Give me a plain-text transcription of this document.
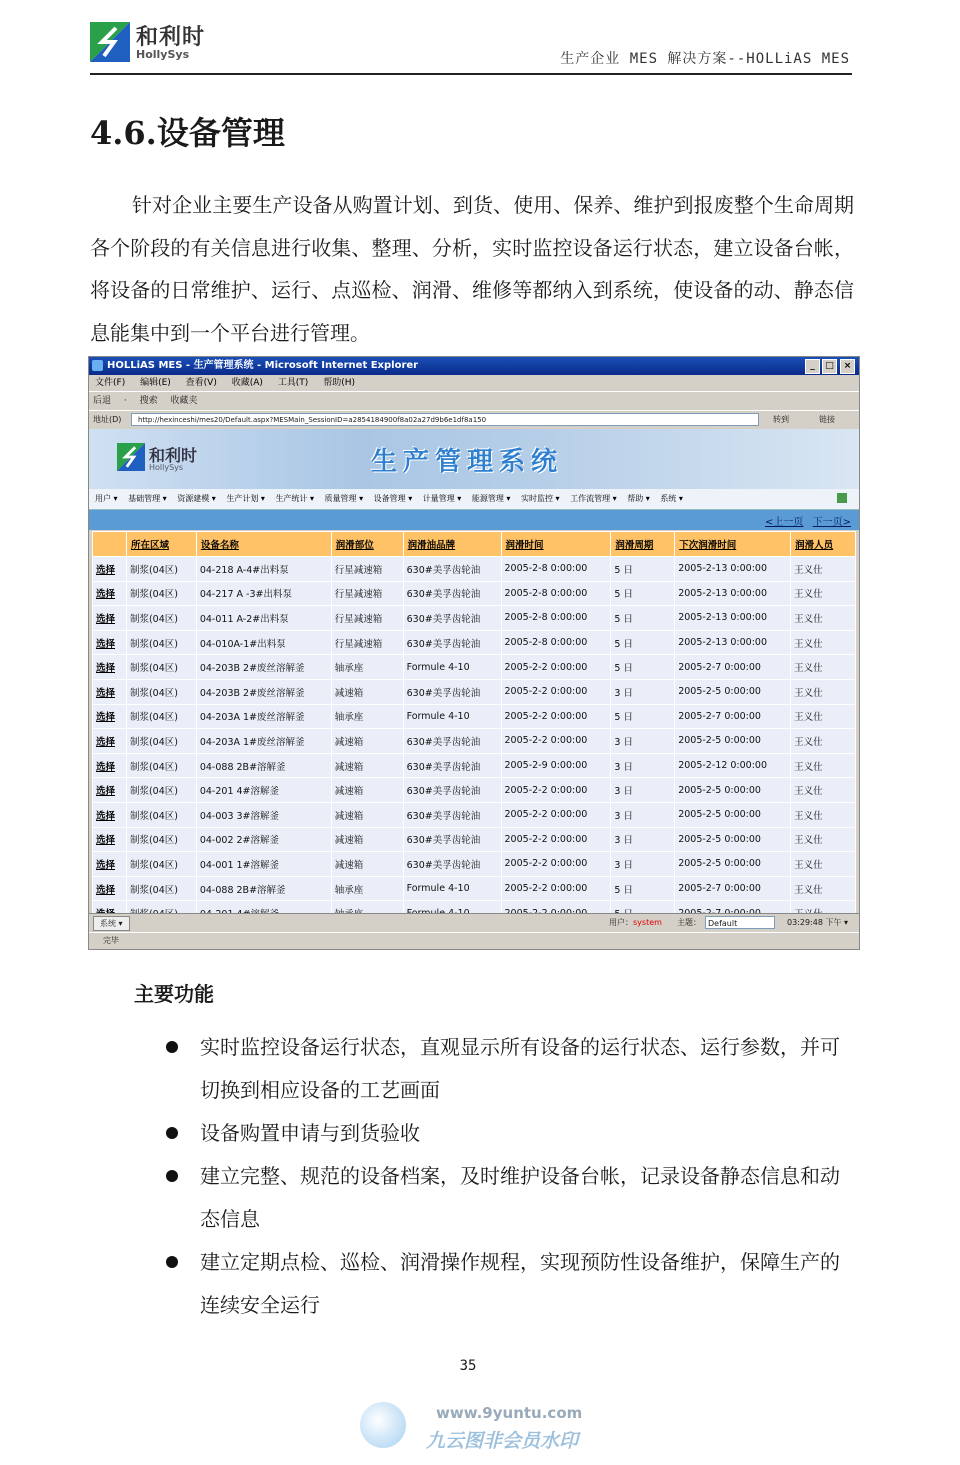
和利时
HollySys	生产企业 MES 解决方案--HOLLiAS MES
4.6.设备管理
针对企业主要生产设备从购置计划、到货、使用、保养、维护到报废整个生命周期各个阶段的有关信息进行收集、整理、分析，实时监控设备运行状态，建立设备台帐，将设备的日常维护、运行、点巡检、润滑、维修等都纳入到系统，使设备的动、静态信息能集中到一个平台进行管理。
HOLLiAS MES - 生产管理系统 - Microsoft Internet Explorer	_	□	×
文件(F) 编辑(E) 查看(V) 收藏(A) 工具(T) 帮助(H)
后退 · 搜索 收藏夹
地址(D)	http://hexinceshi/mes20/Default.aspx?MESMain_SessionID=a2854184900f8a02a27d9b6e1df8a150	转到	链接
和利时
HollySys	生产管理系统
用户 ▾ 基础管理 ▾ 资源建模 ▾ 生产计划 ▾ 生产统计 ▾ 质量管理 ▾ 设备管理 ▾ 计量管理 ▾ 能源管理 ▾ 实时监控 ▾ 工作流管理 ▾ 帮助 ▾ 系统 ▾
<上一页 下一页>
	所在区域	设备名称	润滑部位	润滑油品牌	润滑时间	润滑周期	下次润滑时间	润滑人员
选择	制浆(04区)	04-218 A-4#出料泵	行星减速箱	630#美孚齿轮油	2005-2-8 0:00:00	5 日	2005-2-13 0:00:00	王义仕
选择	制浆(04区)	04-217 A -3#出料泵	行星减速箱	630#美孚齿轮油	2005-2-8 0:00:00	5 日	2005-2-13 0:00:00	王义仕
选择	制浆(04区)	04-011 A-2#出料泵	行星减速箱	630#美孚齿轮油	2005-2-8 0:00:00	5 日	2005-2-13 0:00:00	王义仕
选择	制浆(04区)	04-010A-1#出料泵	行星减速箱	630#美孚齿轮油	2005-2-8 0:00:00	5 日	2005-2-13 0:00:00	王义仕
选择	制浆(04区)	04-203B 2#废丝溶解釜	轴承座	Formule 4-10	2005-2-2 0:00:00	5 日	2005-2-7 0:00:00	王义仕
选择	制浆(04区)	04-203B 2#废丝溶解釜	减速箱	630#美孚齿轮油	2005-2-2 0:00:00	3 日	2005-2-5 0:00:00	王义仕
选择	制浆(04区)	04-203A 1#废丝溶解釜	轴承座	Formule 4-10	2005-2-2 0:00:00	5 日	2005-2-7 0:00:00	王义仕
选择	制浆(04区)	04-203A 1#废丝溶解釜	减速箱	630#美孚齿轮油	2005-2-2 0:00:00	3 日	2005-2-5 0:00:00	王义仕
选择	制浆(04区)	04-088 2B#溶解釜	减速箱	630#美孚齿轮油	2005-2-9 0:00:00	3 日	2005-2-12 0:00:00	王义仕
选择	制浆(04区)	04-201 4#溶解釜	减速箱	630#美孚齿轮油	2005-2-2 0:00:00	3 日	2005-2-5 0:00:00	王义仕
选择	制浆(04区)	04-003 3#溶解釜	减速箱	630#美孚齿轮油	2005-2-2 0:00:00	3 日	2005-2-5 0:00:00	王义仕
选择	制浆(04区)	04-002 2#溶解釜	减速箱	630#美孚齿轮油	2005-2-2 0:00:00	3 日	2005-2-5 0:00:00	王义仕
选择	制浆(04区)	04-001 1#溶解釜	减速箱	630#美孚齿轮油	2005-2-2 0:00:00	3 日	2005-2-5 0:00:00	王义仕
选择	制浆(04区)	04-088 2B#溶解釜	轴承座	Formule 4-10	2005-2-2 0:00:00	5 日	2005-2-7 0:00:00	王义仕

系统 ▾	用户：system 主题： Default	03:29:48 下午 ▾
完毕
主要功能
实时监控设备运行状态，直观显示所有设备的运行状态、运行参数，并可切换到相应设备的工艺画面
设备购置申请与到货验收
建立完整、规范的设备档案，及时维护设备台帐，记录设备静态信息和动态信息
建立定期点检、巡检、润滑操作规程，实现预防性设备维护，保障生产的连续安全运行
35
www.9yuntu.com
九云图非会员水印
